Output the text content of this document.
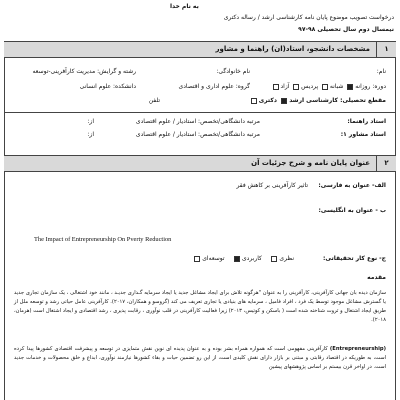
به نام خدا
درخواست تصویب موضوع پایان نامه کارشناسی ارشد / رساله دکتری
نیمسال دوم سال تحصیلی ۹۸-۹۷
۱
مشخصات دانشجو، استاد(ان) راهنما و مشاور
نام:
نام خانوادگی:
رشته و گرایش: مدیریت کارآفرینی-توسعه
دوره: روزانه   شبانه   پردیس   آزاد
گروه: علوم اداری و اقتصادی
دانشکده: علوم انسانی
مقطع تحصیلی: کارشناسی ارشد   دکتری
تلفن
استاد راهنما:
مرتبه دانشگاهی/تخصص: استادیار / علوم اقتصادی
از:
استاد مشاور ۱:
مرتبه دانشگاهی/تخصص: استادیار / علوم اقتصادی
از:
۲
عنوان پایان نامه و شرح جزئیات آن
الف- عنوان به فارسی:
تاثیر کارآفرینی بر کاهش فقر
ب - عنوان به انگلیسی:
The Impact of Entrepreneurship On Pverty Reduction
ج- نوع کار تحقیقاتی:
نظری      کاربردی      توسعه‌ای
مقدمه
سازمان دیده بان جهانی کارآفرینی، کارآفرینی را به عنوان "هرگونه تلاش برای ایجاد مشاغل جدید یا ایجاد سرمایه گـذاری جدیـد ، مانند خود اشتغالی ، یک سازمان تجاری جدید یا گسترش مشاغل موجود توسط یک فرد ، افراد فامیل ، سرمایه های بنیادی یا تجاری تعریف می کند (گروسو و همکاران، ۲۰۱۷). کارآفرینی عامل حیاتی رشد و توسعه ملل از طریق ایجاد اشتغال و ثروت شناخته شده است ( باسکن و کوتیس، ۲۰۱۳) زیرا فعالیت کارآفرینی در قلب نوآوری ، رقابت پذیری ، رشد اقتصادی و ایجاد اشتغال است (هرمان، ۲۰۱۸).
(Entrepreneurship) کارآفرینی مفهومی است که همواره همراه بشر بوده و به عنوان پدیده ای نوین نقش متمایزی در توسعه و پیشرفت اقتصادی کشورها پیدا کرده است، به طوریکه در اقتصاد رقابتی و مبتنی بر بازار دارای نقش کلیدی است، از این رو تضمین حیات و بقاء کشورها نیازمند نوآوری، ابداع و خلق محصولات و خدمات جدید است. در اواخر قرن بیستم بر اساس پژوهشهای پیشین
